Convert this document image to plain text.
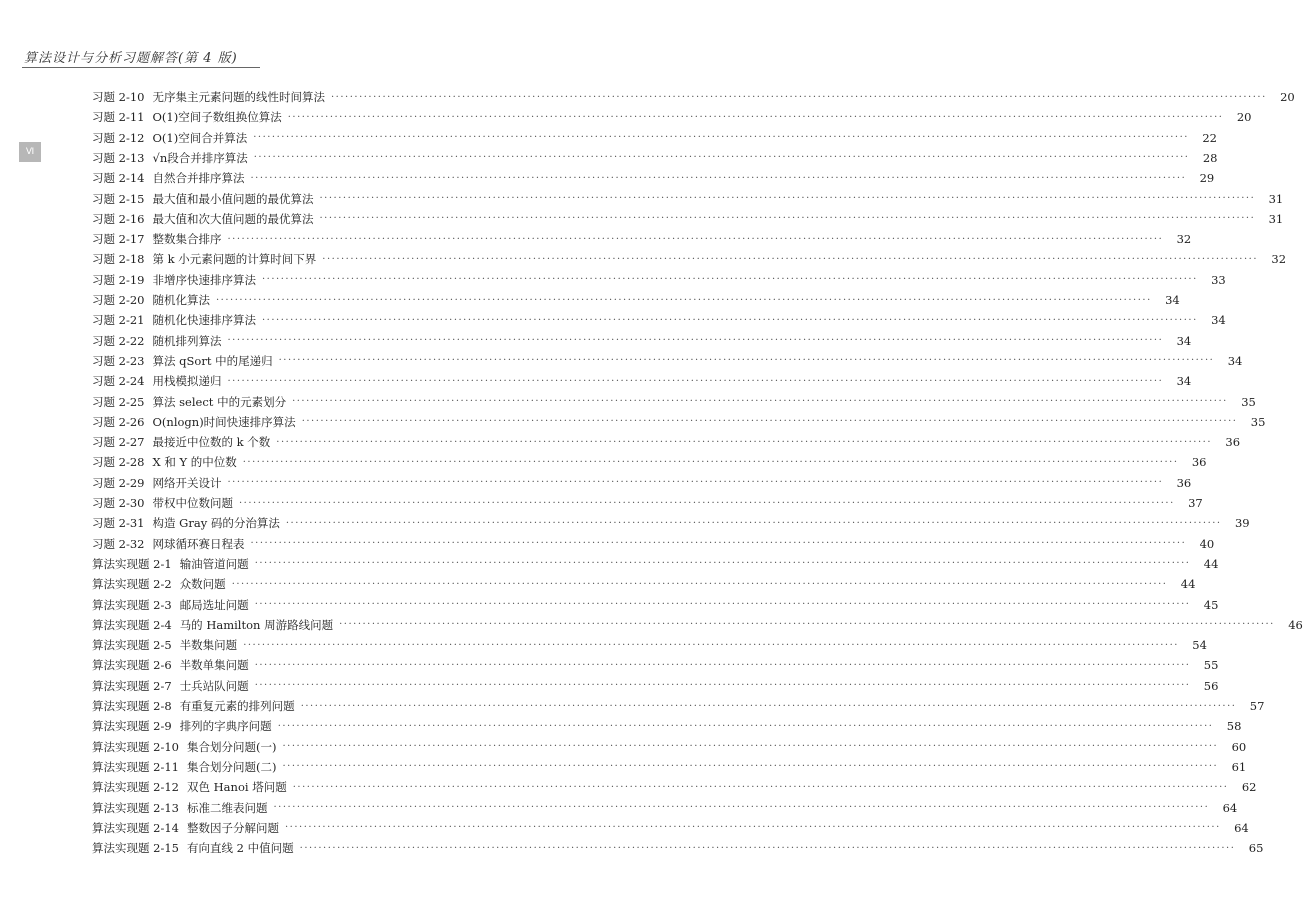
算法设计与分析习题解答(第 4 版)
Ⅵ
习题 2-10 无序集主元素问题的线性时间算法 ········································································································································································································	20
习题 2-11 O(1)空间子数组换位算法 ········································································································································································································	20
习题 2-12 O(1)空间合并算法 ········································································································································································································	22
习题 2-13 √n段合并排序算法 ········································································································································································································	28
习题 2-14 自然合并排序算法 ········································································································································································································	29
习题 2-15 最大值和最小值问题的最优算法 ········································································································································································································	31
习题 2-16 最大值和次大值问题的最优算法 ········································································································································································································	31
习题 2-17 整数集合排序 ········································································································································································································	32
习题 2-18 第 k 小元素问题的计算时间下界 ········································································································································································································	32
习题 2-19 非增序快速排序算法 ········································································································································································································	33
习题 2-20 随机化算法 ········································································································································································································	34
习题 2-21 随机化快速排序算法 ········································································································································································································	34
习题 2-22 随机排列算法 ········································································································································································································	34
习题 2-23 算法 qSort 中的尾递归 ········································································································································································································	34
习题 2-24 用栈模拟递归 ········································································································································································································	34
习题 2-25 算法 select 中的元素划分 ········································································································································································································	35
习题 2-26 O(nlogn)时间快速排序算法 ········································································································································································································	35
习题 2-27 最接近中位数的 k 个数 ········································································································································································································	36
习题 2-28 X 和 Y 的中位数 ········································································································································································································	36
习题 2-29 网络开关设计 ········································································································································································································	36
习题 2-30 带权中位数问题 ········································································································································································································	37
习题 2-31 构造 Gray 码的分治算法 ········································································································································································································	39
习题 2-32 网球循环赛日程表 ········································································································································································································	40
算法实现题 2-1 输油管道问题 ········································································································································································································	44
算法实现题 2-2 众数问题 ········································································································································································································	44
算法实现题 2-3 邮局选址问题 ········································································································································································································	45
算法实现题 2-4 马的 Hamilton 周游路线问题 ········································································································································································································	46
算法实现题 2-5 半数集问题 ········································································································································································································	54
算法实现题 2-6 半数单集问题 ········································································································································································································	55
算法实现题 2-7 士兵站队问题 ········································································································································································································	56
算法实现题 2-8 有重复元素的排列问题 ········································································································································································································	57
算法实现题 2-9 排列的字典序问题 ········································································································································································································	58
算法实现题 2-10 集合划分问题(一) ········································································································································································································	60
算法实现题 2-11 集合划分问题(二) ········································································································································································································	61
算法实现题 2-12 双色 Hanoi 塔问题 ········································································································································································································	62
算法实现题 2-13 标准二维表问题 ········································································································································································································	64
算法实现题 2-14 整数因子分解问题 ········································································································································································································	64
算法实现题 2-15 有向直线 2 中值问题 ········································································································································································································	65
